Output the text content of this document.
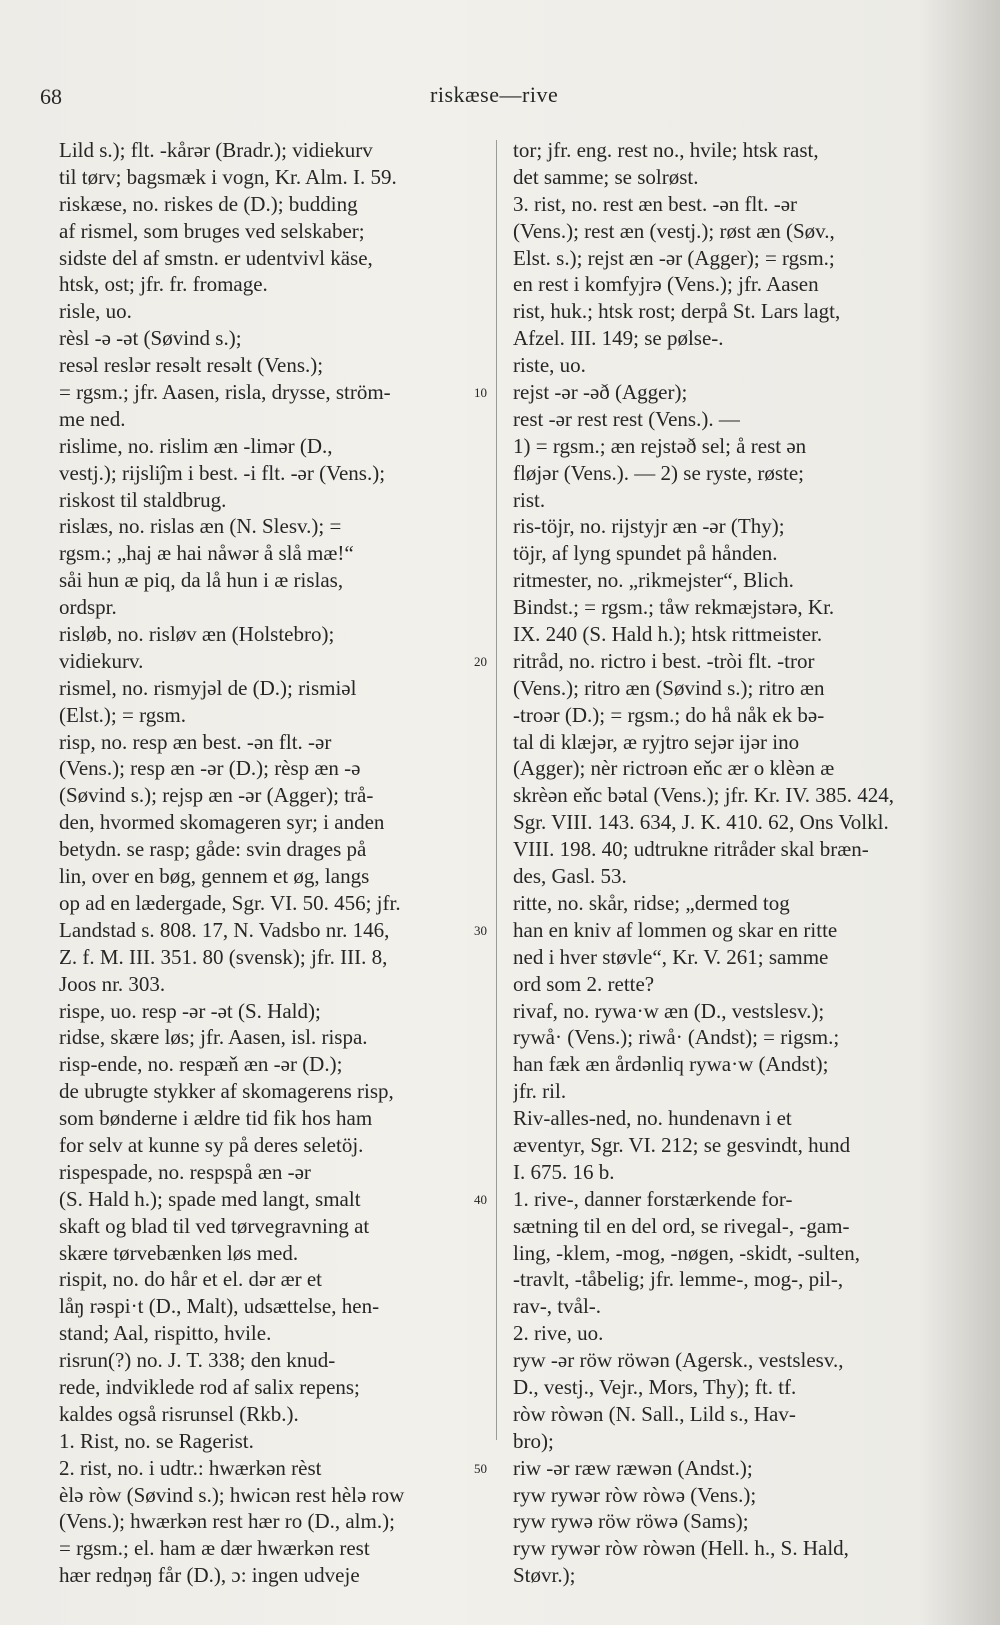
68	riskæse—rive
Lild s.); flt. -kårər (Bradr.); vidiekurv
til tørv; bagsmæk i vogn, Kr. Alm. I. 59.
riskæse, no. riskes de (D.); budding
af rismel, som bruges ved selskaber;
sidste del af smstn. er udentvivl käse,
htsk, ost; jfr. fr. fromage.
risle, uo.
rèsl -ə -ət (Søvind s.);
resəl reslər resəlt resəlt (Vens.);
= rgsm.; jfr. Aasen, risla, drysse, ström-
me ned.
rislime, no. rislim æn -limər (D.,
vestj.); rijsliĵm i best. -i flt. -ər (Vens.);
riskost til staldbrug.
rislæs, no. rislas æn (N. Slesv.); =
rgsm.; „haj æ hai nåwər å slå mæ!“
såi hun æ piq, da lå hun i æ rislas,
ordspr.
risløb, no. risløv æn (Holstebro);
vidiekurv.
rismel, no. rismyjəl de (D.); rismiəl
(Elst.); = rgsm.
risp, no. resp æn best. -ən flt. -ər
(Vens.); resp æn -ər (D.); rèsp æn -ə
(Søvind s.); rejsp æn -ər (Agger); trå-
den, hvormed skomageren syr; i anden
betydn. se rasp; gåde: svin drages på
lin, over en bøg, gennem et øg, langs
op ad en lædergade, Sgr. VI. 50. 456; jfr.
Landstad s. 808. 17, N. Vadsbo nr. 146,
Z. f. M. III. 351. 80 (svensk); jfr. III. 8,
Joos nr. 303.
rispe, uo. resp -ər -ət (S. Hald);
ridse, skære løs; jfr. Aasen, isl. rispa.
risp-ende, no. respæň æn -ər (D.);
de ubrugte stykker af skomagerens risp,
som bønderne i ældre tid fik hos ham
for selv at kunne sy på deres seletöj.
rispespade, no. respspå æn -ər
(S. Hald h.); spade med langt, smalt
skaft og blad til ved tørvegravning at
skære tørvebænken løs med.
rispit, no. do hår et el. dər ær et
låŋ rəspi·t (D., Malt), udsættelse, hen-
stand; Aal, rispitto, hvile.
risrun(?) no. J. T. 338; den knud-
rede, indviklede rod af salix repens;
kaldes også risrunsel (Rkb.).
1. Rist, no. se Ragerist.
2. rist, no. i udtr.: hwærkən rèst
èlə ròw (Søvind s.); hwicən rest hèlə row
(Vens.); hwærkən rest hær ro (D., alm.);
= rgsm.; el. ham æ dær hwærkən rest
hær redŋəŋ får (D.), ɔ: ingen udveje
10
20
30
40
50
tor; jfr. eng. rest no., hvile; htsk rast,
det samme; se solrøst.
3. rist, no. rest æn best. -ən flt. -ər
(Vens.); rest æn (vestj.); røst æn (Søv.,
Elst. s.); rejst æn -ər (Agger); = rgsm.;
en rest i komfyjrə (Vens.); jfr. Aasen
rist, huk.; htsk rost; derpå St. Lars lagt,
Afzel. III. 149; se pølse-.
riste, uo.
rejst -ər -əð (Agger);
rest -ər rest rest (Vens.). —
1) = rgsm.; æn rejstəð sel; å rest ən
fløjər (Vens.). — 2) se ryste, røste;
rist.
ris-töjr, no. rijstyjr æn -ər (Thy);
töjr, af lyng spundet på hånden.
ritmester, no. „rikmejster“, Blich.
Bindst.; = rgsm.; tåw rekmæjstərə, Kr.
IX. 240 (S. Hald h.); htsk rittmeister.
ritråd, no. rictro i best. -tròi flt. -tror
(Vens.); ritro æn (Søvind s.); ritro æn
-troər (D.); = rgsm.; do hå nåk ek bə-
tal di klæjər, æ ryjtro sejər ijər ino
(Agger); nèr rictroən eňc ær o klèən æ
skrèən eňc bətal (Vens.); jfr. Kr. IV. 385. 424,
Sgr. VIII. 143. 634, J. K. 410. 62, Ons Volkl.
VIII. 198. 40; udtrukne ritråder skal bræn-
des, Gasl. 53.
ritte, no. skår, ridse; „dermed tog
han en kniv af lommen og skar en ritte
ned i hver støvle“, Kr. V. 261; samme
ord som 2. rette?
rivaf, no. rywa·w æn (D., vestslesv.);
rywå· (Vens.); riwå· (Andst); = rigsm.;
han fæk æn årdənliq rywa·w (Andst);
jfr. ril.
Riv-alles-ned, no. hundenavn i et
æventyr, Sgr. VI. 212; se gesvindt, hund
I. 675. 16 b.
1. rive-, danner forstærkende for-
sætning til en del ord, se rivegal-, -gam-
ling, -klem, -mog, -nøgen, -skidt, -sulten,
-travlt, -tåbelig; jfr. lemme-, mog-, pil-,
rav-, tvål-.
2. rive, uo.
ryw -ər röw röwən (Agersk., vestslesv.,
D., vestj., Vejr., Mors, Thy); ft. tf.
ròw ròwən (N. Sall., Lild s., Hav-
bro);
riw -ər ræw ræwən (Andst.);
ryw rywər ròw ròwə (Vens.);
ryw rywə röw röwə (Sams);
ryw rywər ròw ròwən (Hell. h., S. Hald,
Støvr.);
